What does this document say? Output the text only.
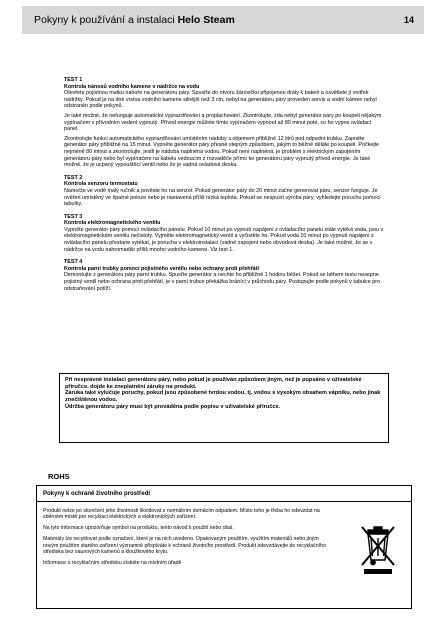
Pokyny k používání a instalaci Helo Steam	14
TEST 1
Kontrola nánosů vodního kamene v nádržce na vodu

Otevřete pojistnou matku nahoře na generátoru páry. Spusťte do otvoru žárovičku připojenou dráty k baterii a osvětlete jí vnitřek nádržky. Pokud je na dně vrstva vodního kamene silnější než 3 cm, nebyl na generátoru páry proveden servis a vodní kámen nebyl odstraněn podle pokynů.

Je také možné, že nefunguje automatické vyprazdňování a proplachování. Zkontrolujte, zda nebyl generátor páry po koupeli nějakým vypínačem v přívodním vedení vypnutý. Přívod energie můžete tímto vypínačem vypnout až 80 minut poté, co ho vypne ovládací panel.

Zkontrolujte funkci automatického vyprazdňování umístěním nádoby s objemem přibližně 12 litrů pod odpadní trubku. Zapněte generátor páry přibližně na 15 minut. Vypněte generátor páry přesně stejným způsobem, jakým to běžně děláte po koupeli. Počkejte nejméně 80 minut a zkontrolujte, jestli je nádoba naplněná vodou. Pokud není naplněná, je problém s elektrickým zapojením generátoru páry nebo byl vypínačem na kabelu vedoucím z rozvaděče přímo ke generátoru páry vypnutý přívod energie. Je také možné, že je ucpaný vypouštěcí ventil nebo že je vadná ovladová deska.

TEST 2
Kontrola senzoru termostatu

Namočte ve vodě malý ručník a pověste ho na senzor. Pokud generátor páry do 20 minut začne generovat páru, senzor funguje. Je ověřen umístěný ve špatné poloze nebo je nastavená příliš nízká teplota. Pokud se nespustí výroba páry, vyhledejte poruchu pomocí tabulky.

TEST 3
Kontrola elektromagnetického ventilu

Vypněte generátor páry pomocí ovládacího panelu. Pokud 10 minut po vypnutí napájení z ovládacího panelu stále vytéká voda, jsou v elektromagnetickém ventilu nečistoty. Vyjměte elektromagnetický ventil a vyčistěte ho. Pokud voda 10 minut po vypnutí napájení z ovládacího panelu přestane vytékat, je porucha v elektroinstalaci (vadné zapojení nebo obvodová deska). Je také možné, že se v nádržce na vodu nahromadilo příliš mnoho vodního kamene. Viz test 1.

TEST 4
Kontrola parní trubky pomocí pojistného ventilu nebo ochrany proti přehřátí

Demontujte z generátoru páry parní trubku. Spusťte generátor a nechte ho přibližně 1 hodinu běžet. Pokud se během testu nesepne pojistný ventil nebo ochrana proti přehřátí, je v parní trubce překážka bránící v průchodu páry. Postupujte podle pokynů v tabulce pro odstraňování potíží.

Při nesprávné instalaci generátoru páry, nebo pokud je používán způsobem jiným, než je popsáno v uživatelské příručce, dojde ke zneplatnění záruky na produkt.

Záruka také vylučuje poruchy, pokud jsou způsobené tvrdou vodou, tj. vodou s vysokým obsahem vápníku, nebo jinak znečištěnou vodou.

Údržba generátoru páry musí být prováděna podle popisu v uživatelské příručce.

ROHS
Pokyny k ochraně životního prostředí

Produkt nelze po skončení jeho životnosti likvidovat s normálním domácím odpadem. Místo toho je třeba ho odevzdat na sběrném místě pro recyklaci elektrických a elektronických zařízení.

Na tyto informace upozorňuje symbol na produktu, tento návod k použití nebo obal.

Materiály lze recyklovat podle označení, které je na nich uvedeno. Opakovaným použitím, využitím materiálů nebo jiným novým použitím starého zařízení významně přispíváte k ochraně životního prostředí. Produkt odevzdávejte do recyklačního střediska bez saunových kamenů a kloužkového krytu.

Informace o recyklačním středisku získáte na místním úřadě
